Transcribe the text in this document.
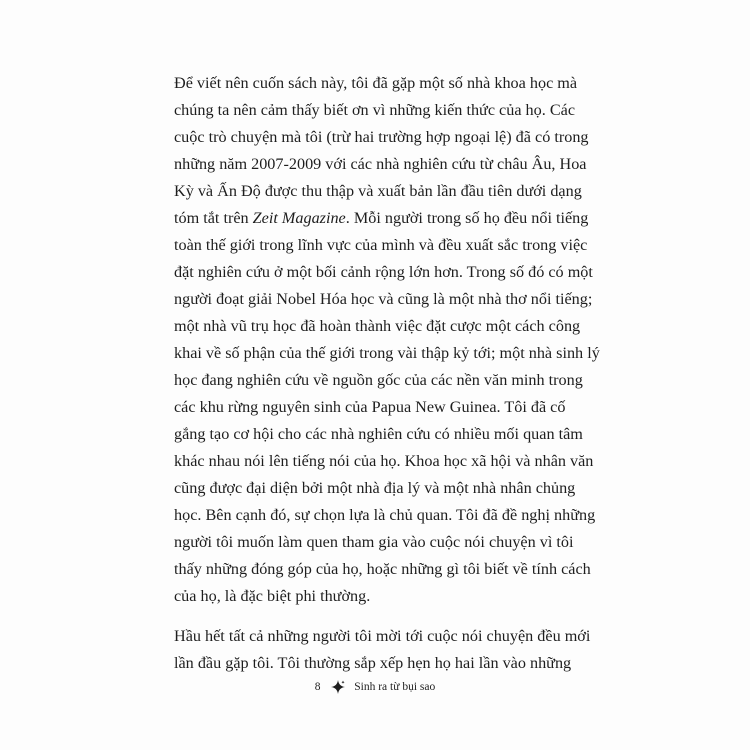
Để viết nên cuốn sách này, tôi đã gặp một số nhà khoa học mà
chúng ta nên cảm thấy biết ơn vì những kiến thức của họ. Các
cuộc trò chuyện mà tôi (trừ hai trường hợp ngoại lệ) đã có trong
những năm 2007-2009 với các nhà nghiên cứu từ châu Âu, Hoa
Kỳ và Ấn Độ được thu thập và xuất bản lần đầu tiên dưới dạng
tóm tắt trên Zeit Magazine. Mỗi người trong số họ đều nổi tiếng
toàn thế giới trong lĩnh vực của mình và đều xuất sắc trong việc
đặt nghiên cứu ở một bối cảnh rộng lớn hơn. Trong số đó có một
người đoạt giải Nobel Hóa học và cũng là một nhà thơ nổi tiếng;
một nhà vũ trụ học đã hoàn thành việc đặt cược một cách công
khai về số phận của thế giới trong vài thập kỷ tới; một nhà sinh lý
học đang nghiên cứu về nguồn gốc của các nền văn minh trong
các khu rừng nguyên sinh của Papua New Guinea. Tôi đã cố
gắng tạo cơ hội cho các nhà nghiên cứu có nhiều mối quan tâm
khác nhau nói lên tiếng nói của họ. Khoa học xã hội và nhân văn
cũng được đại diện bởi một nhà địa lý và một nhà nhân chủng
học. Bên cạnh đó, sự chọn lựa là chủ quan. Tôi đã đề nghị những
người tôi muốn làm quen tham gia vào cuộc nói chuyện vì tôi
thấy những đóng góp của họ, hoặc những gì tôi biết về tính cách
của họ, là đặc biệt phi thường.
Hầu hết tất cả những người tôi mời tới cuộc nói chuyện đều mới
lần đầu gặp tôi. Tôi thường sắp xếp hẹn họ hai lần vào những
8	Sinh ra từ bụi sao
